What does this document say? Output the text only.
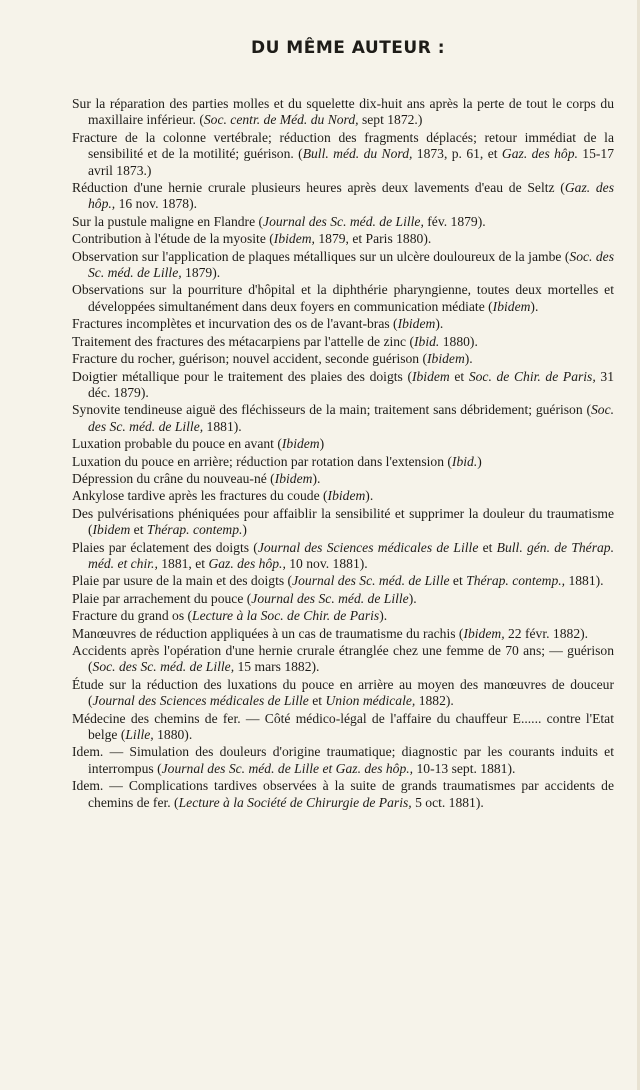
DU MÊME AUTEUR :
Sur la réparation des parties molles et du squelette dix-huit ans après la perte de tout le corps du maxillaire inférieur. (Soc. centr. de Méd. du Nord, sept 1872.)
Fracture de la colonne vertébrale; réduction des fragments déplacés; retour immédiat de la sensibilité et de la motilité; guérison. (Bull. méd. du Nord, 1873, p. 61, et Gaz. des hôp. 15-17 avril 1873.)
Réduction d'une hernie crurale plusieurs heures après deux lavements d'eau de Seltz (Gaz. des hôp., 16 nov. 1878).
Sur la pustule maligne en Flandre (Journal des Sc. méd. de Lille, fév. 1879).
Contribution à l'étude de la myosite (Ibidem, 1879, et Paris 1880).
Observation sur l'application de plaques métalliques sur un ulcère douloureux de la jambe (Soc. des Sc. méd. de Lille, 1879).
Observations sur la pourriture d'hôpital et la diphthérie pharyngienne, toutes deux mortelles et développées simultanément dans deux foyers en communication médiate (Ibidem).
Fractures incomplètes et incurvation des os de l'avant-bras (Ibidem).
Traitement des fractures des métacarpiens par l'attelle de zinc (Ibid. 1880).
Fracture du rocher, guérison; nouvel accident, seconde guérison (Ibidem).
Doigtier métallique pour le traitement des plaies des doigts (Ibidem et Soc. de Chir. de Paris, 31 déc. 1879).
Synovite tendineuse aiguë des fléchisseurs de la main; traitement sans débridement; guérison (Soc. des Sc. méd. de Lille, 1881).
Luxation probable du pouce en avant (Ibidem)
Luxation du pouce en arrière; réduction par rotation dans l'extension (Ibid.)
Dépression du crâne du nouveau-né (Ibidem).
Ankylose tardive après les fractures du coude (Ibidem).
Des pulvérisations phéniquées pour affaiblir la sensibilité et supprimer la douleur du traumatisme (Ibidem et Thérap. contemp.)
Plaies par éclatement des doigts (Journal des Sciences médicales de Lille et Bull. gén. de Thérap. méd. et chir., 1881, et Gaz. des hôp., 10 nov. 1881).
Plaie par usure de la main et des doigts (Journal des Sc. méd. de Lille et Thérap. contemp., 1881).
Plaie par arrachement du pouce (Journal des Sc. méd. de Lille).
Fracture du grand os (Lecture à la Soc. de Chir. de Paris).
Manœuvres de réduction appliquées à un cas de traumatisme du rachis (Ibidem, 22 févr. 1882).
Accidents après l'opération d'une hernie crurale étranglée chez une femme de 70 ans; — guérison (Soc. des Sc. méd. de Lille, 15 mars 1882).
Étude sur la réduction des luxations du pouce en arrière au moyen des manœuvres de douceur (Journal des Sciences médicales de Lille et Union médicale, 1882).
Médecine des chemins de fer. — Côté médico-légal de l'affaire du chauffeur E...... contre l'Etat belge (Lille, 1880).
Idem. — Simulation des douleurs d'origine traumatique; diagnostic par les courants induits et interrompus (Journal des Sc. méd. de Lille et Gaz. des hôp., 10-13 sept. 1881).
Idem. — Complications tardives observées à la suite de grands traumatismes par accidents de chemins de fer. (Lecture à la Société de Chirurgie de Paris, 5 oct. 1881).
